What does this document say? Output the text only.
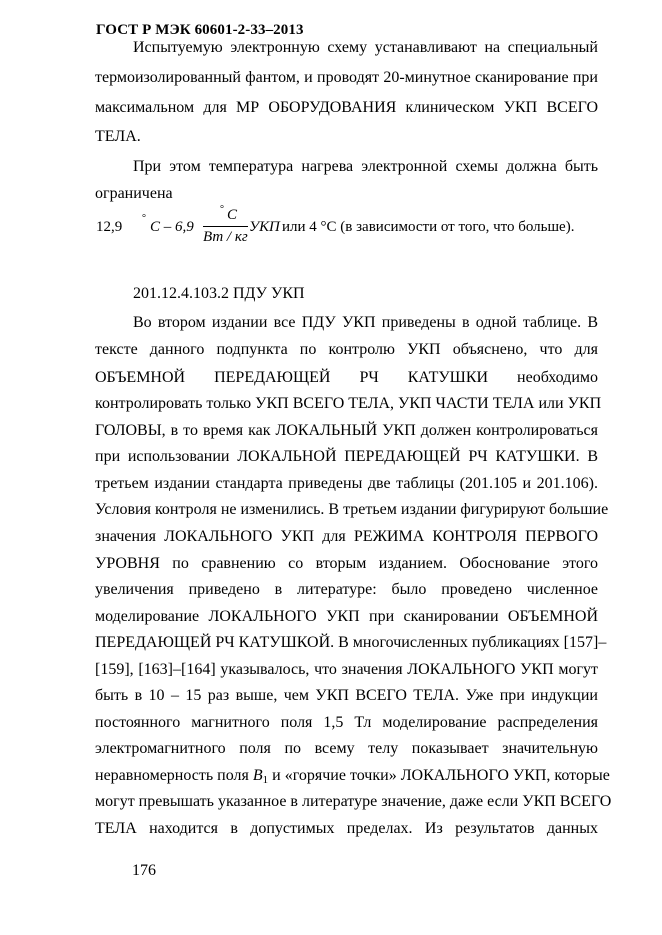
ГОСТ Р МЭК 60601-2-33–2013
Испытуемую электронную схему устанавливают на специальный
термоизолированный фантом, и проводят 20-минутное сканирование при
максимальном для МР ОБОРУДОВАНИЯ клиническом УКП ВСЕГО
ТЕЛА.
При этом температура нагрева электронной схемы должна быть
ограничена
12,9
°
C – 6,9
° C
Вт / кг
УКП или 4 °С (в зависимости от того, что больше).
201.12.4.103.2 ПДУ УКП
Во втором издании все ПДУ УКП приведены в одной таблице. В
тексте данного подпункта по контролю УКП объяснено, что для
ОБЪЕМНОЙ ПЕРЕДАЮЩЕЙ РЧ КАТУШКИ необходимо
контролировать только УКП ВСЕГО ТЕЛА, УКП ЧАСТИ ТЕЛА или УКП
ГОЛОВЫ, в то время как ЛОКАЛЬНЫЙ УКП должен контролироваться
при использовании ЛОКАЛЬНОЙ ПЕРЕДАЮЩЕЙ РЧ КАТУШКИ. В
третьем издании стандарта приведены две таблицы (201.105 и 201.106).
Условия контроля не изменились. В третьем издании фигурируют большие
значения ЛОКАЛЬНОГО УКП для РЕЖИМА КОНТРОЛЯ ПЕРВОГО
УРОВНЯ по сравнению со вторым изданием. Обоснование этого
увеличения приведено в литературе: было проведено численное
моделирование ЛОКАЛЬНОГО УКП при сканировании ОБЪЕМНОЙ
ПЕРЕДАЮЩЕЙ РЧ КАТУШКОЙ. В многочисленных публикациях [157]–
[159], [163]–[164] указывалось, что значения ЛОКАЛЬНОГО УКП могут
быть в 10 – 15 раз выше, чем УКП ВСЕГО ТЕЛА. Уже при индукции
постоянного магнитного поля 1,5 Тл моделирование распределения
электромагнитного поля по всему телу показывает значительную
неравномерность поля $B_1$ и «горячие точки» ЛОКАЛЬНОГО УКП, которые
могут превышать указанное в литературе значение, даже если УКП ВСЕГО
ТЕЛА находится в допустимых пределах. Из результатов данных
176
